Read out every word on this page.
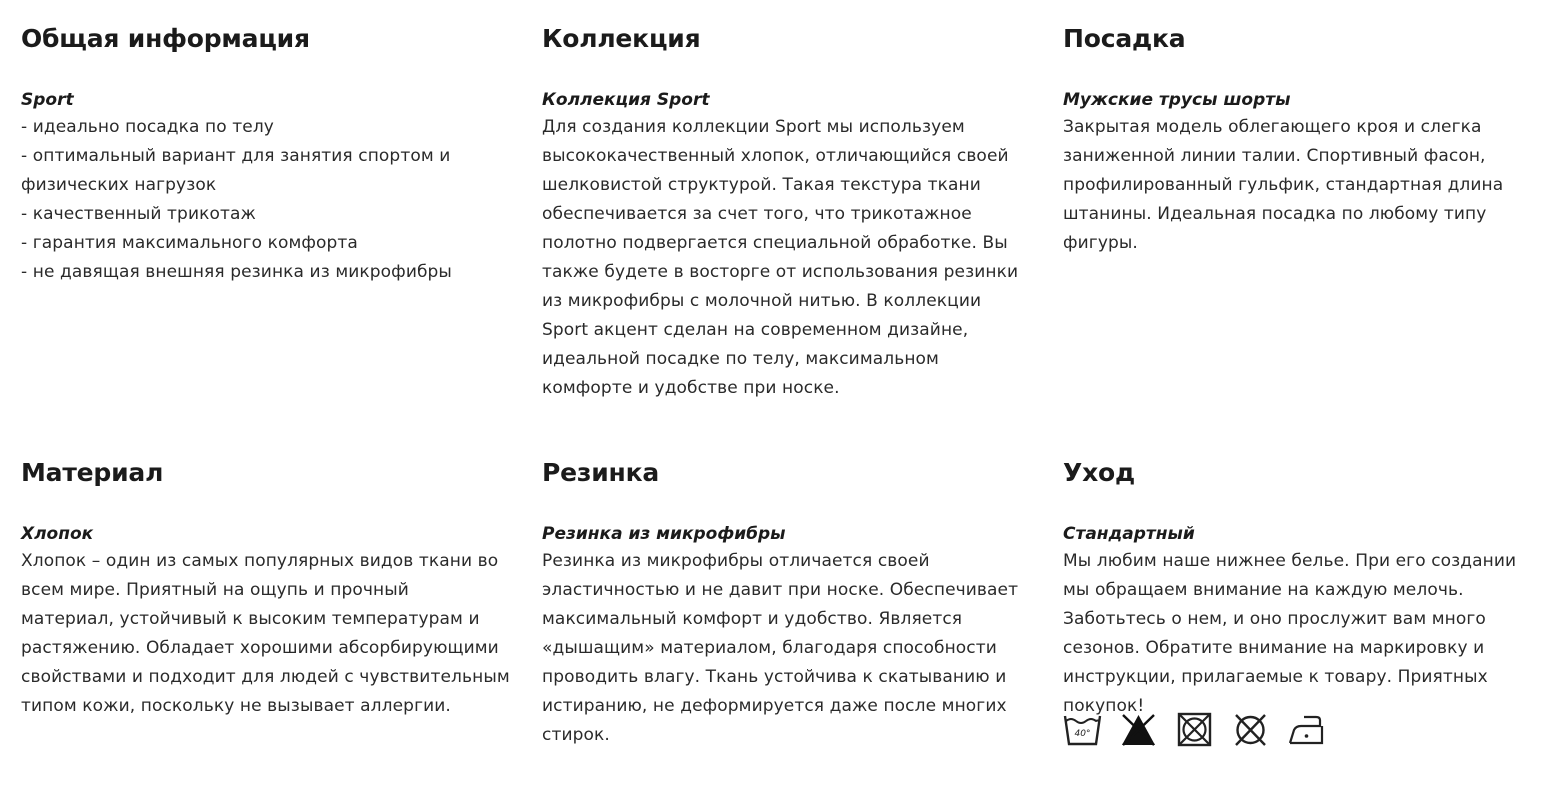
Общая информация
Sport
- идеально посадка по телу
- оптимальный вариант для занятия спортом и
физических нагрузок
- качественный трикотаж
- гарантия максимального комфорта
- не давящая внешняя резинка из микрофибры
Коллекция
Коллекция Sport
Для создания коллекции Sport мы используем
высококачественный хлопок, отличающийся своей
шелковистой структурой. Такая текстура ткани
обеспечивается за счет того, что трикотажное
полотно подвергается специальной обработке. Вы
также будете в восторге от использования резинки
из микрофибры с молочной нитью. В коллекции
Sport акцент сделан на современном дизайне,
идеальной посадке по телу, максимальном
комфорте и удобстве при носке.
Посадка
Мужские трусы шорты
Закрытая модель облегающего кроя и слегка
заниженной линии талии. Спортивный фасон,
профилированный гульфик, стандартная длина
штанины. Идеальная посадка по любому типу
фигуры.
Материал
Хлопок
Хлопок – один из самых популярных видов ткани во
всем мире. Приятный на ощупь и прочный
материал, устойчивый к высоким температурам и
растяжению. Обладает хорошими абсорбирующими
свойствами и подходит для людей с чувствительным
типом кожи, поскольку не вызывает аллергии.
Резинка
Резинка из микрофибры
Резинка из микрофибры отличается своей
эластичностью и не давит при носке. Обеспечивает
максимальный комфорт и удобство. Является
«дышащим» материалом, благодаря способности
проводить влагу. Ткань устойчива к скатыванию и
истиранию, не деформируется даже после многих
стирок.
Уход
Стандартный
Мы любим наше нижнее белье. При его создании
мы обращаем внимание на каждую мелочь.
Заботьтесь о нем, и оно прослужит вам много
сезонов. Обратите внимание на маркировку и
инструкции, прилагаемые к товару. Приятных
покупок!
40°
